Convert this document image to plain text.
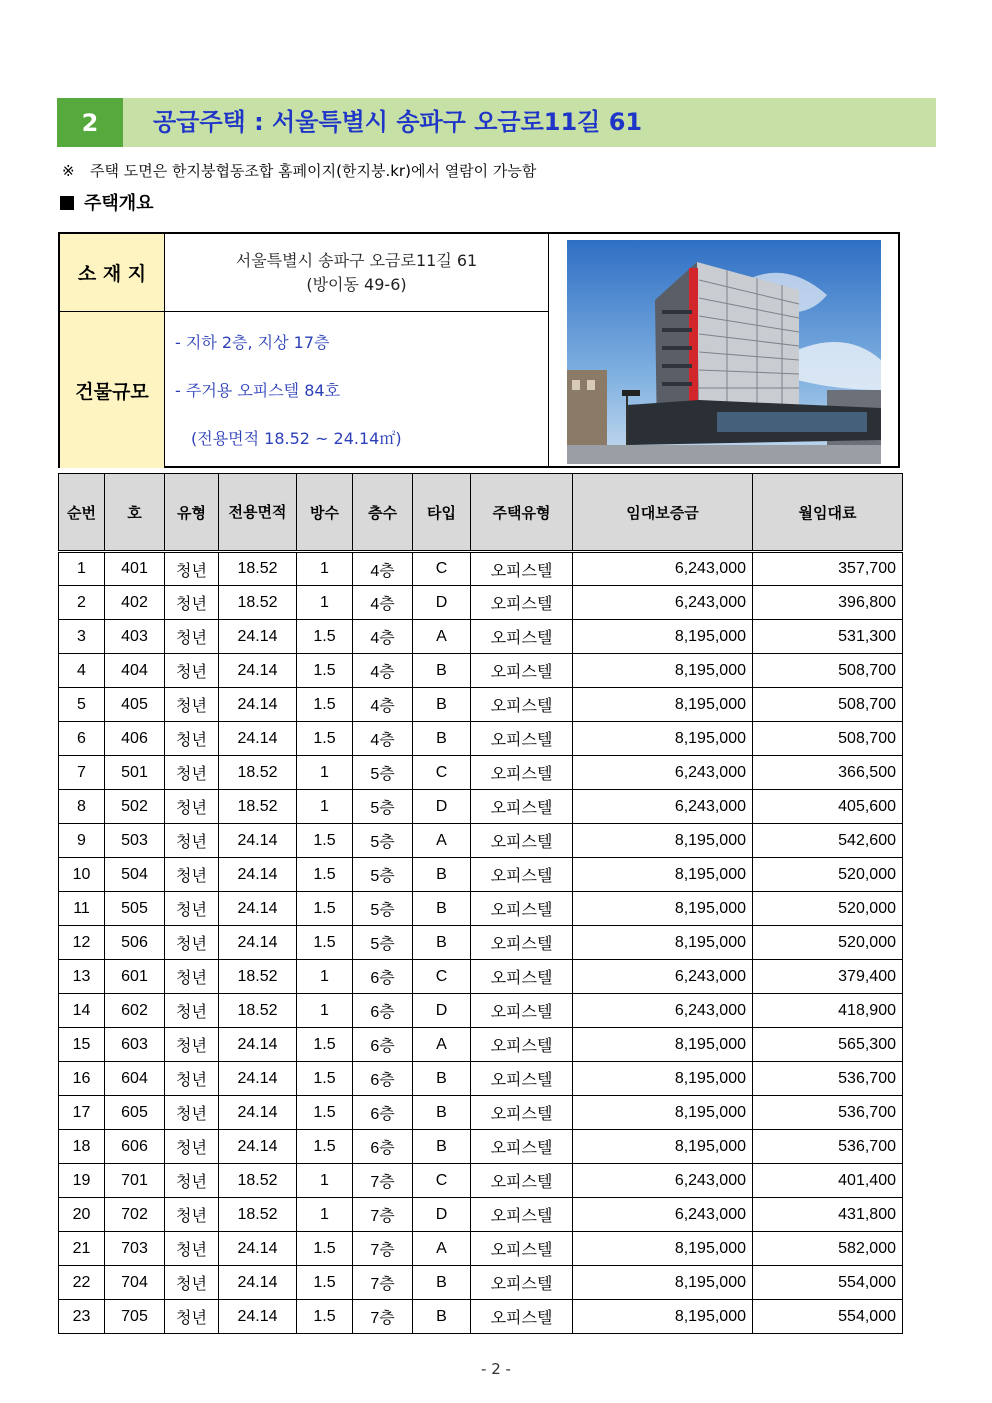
2	공급주택 : 서울특별시 송파구 오금로11길 61
※ 주택 도면은 한지붕협동조합 홈페이지(한지붕.kr)에서 열람이 가능함
주택개요
소 재 지
서울특별시 송파구 오금로11길 61
(방이동 49-6)
건물규모
- 지하 2층, 지상 17층
- 주거용 오피스텔 84호
(전용면적 18.52 ~ 24.14㎡)
순번	호	유형	전용면적	방수	층수	타입	주택유형	임대보증금	월임대료
1	401	청년	18.52	1	4층	C	오피스텔	6,243,000	357,700
2	402	청년	18.52	1	4층	D	오피스텔	6,243,000	396,800
3	403	청년	24.14	1.5	4층	A	오피스텔	8,195,000	531,300
4	404	청년	24.14	1.5	4층	B	오피스텔	8,195,000	508,700
5	405	청년	24.14	1.5	4층	B	오피스텔	8,195,000	508,700
6	406	청년	24.14	1.5	4층	B	오피스텔	8,195,000	508,700
7	501	청년	18.52	1	5층	C	오피스텔	6,243,000	366,500
8	502	청년	18.52	1	5층	D	오피스텔	6,243,000	405,600
9	503	청년	24.14	1.5	5층	A	오피스텔	8,195,000	542,600
10	504	청년	24.14	1.5	5층	B	오피스텔	8,195,000	520,000
11	505	청년	24.14	1.5	5층	B	오피스텔	8,195,000	520,000
12	506	청년	24.14	1.5	5층	B	오피스텔	8,195,000	520,000
13	601	청년	18.52	1	6층	C	오피스텔	6,243,000	379,400
14	602	청년	18.52	1	6층	D	오피스텔	6,243,000	418,900
15	603	청년	24.14	1.5	6층	A	오피스텔	8,195,000	565,300
16	604	청년	24.14	1.5	6층	B	오피스텔	8,195,000	536,700
17	605	청년	24.14	1.5	6층	B	오피스텔	8,195,000	536,700
18	606	청년	24.14	1.5	6층	B	오피스텔	8,195,000	536,700
19	701	청년	18.52	1	7층	C	오피스텔	6,243,000	401,400
20	702	청년	18.52	1	7층	D	오피스텔	6,243,000	431,800
21	703	청년	24.14	1.5	7층	A	오피스텔	8,195,000	582,000
22	704	청년	24.14	1.5	7층	B	오피스텔	8,195,000	554,000
23	705	청년	24.14	1.5	7층	B	오피스텔	8,195,000	554,000
- 2 -
